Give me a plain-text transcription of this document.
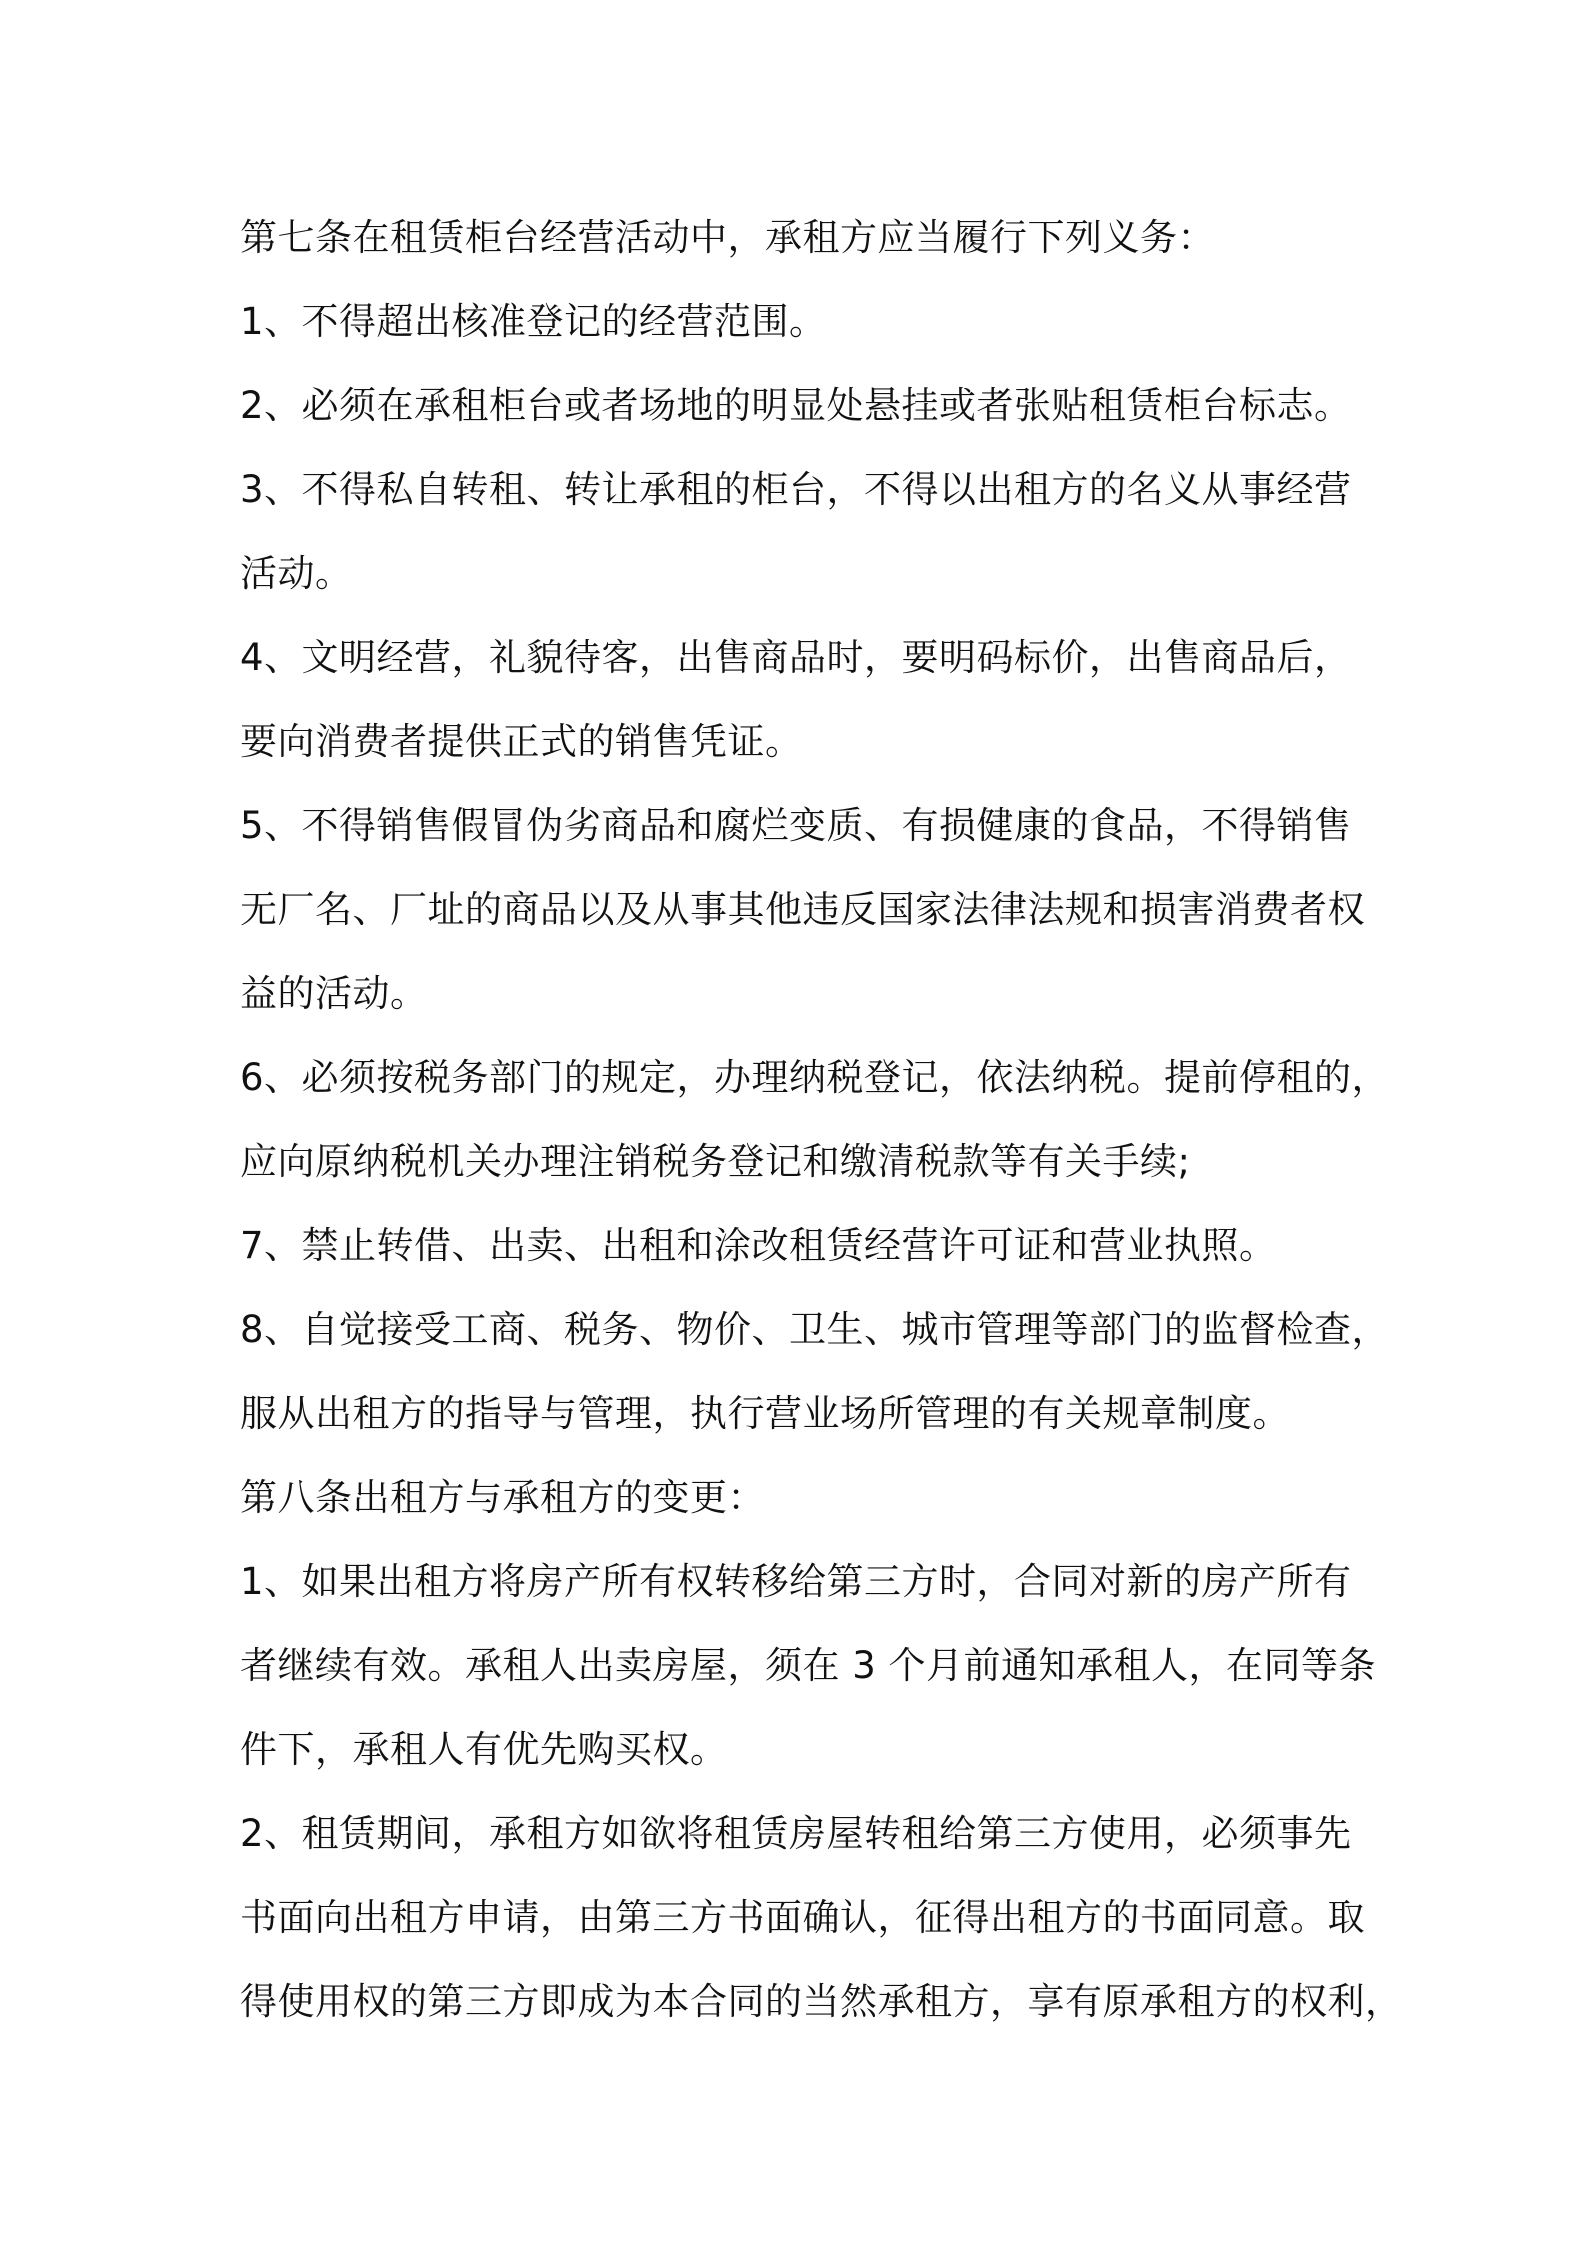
第七条在租赁柜台经营活动中，承租方应当履行下列义务：
1、不得超出核准登记的经营范围。
2、必须在承租柜台或者场地的明显处悬挂或者张贴租赁柜台标志。
3、不得私自转租、转让承租的柜台，不得以出租方的名义从事经营
活动。
4、文明经营，礼貌待客，出售商品时，要明码标价，出售商品后，
要向消费者提供正式的销售凭证。
5、不得销售假冒伪劣商品和腐烂变质、有损健康的食品，不得销售
无厂名、厂址的商品以及从事其他违反国家法律法规和损害消费者权
益的活动。
6、必须按税务部门的规定，办理纳税登记，依法纳税。提前停租的，
应向原纳税机关办理注销税务登记和缴清税款等有关手续;
7、禁止转借、出卖、出租和涂改租赁经营许可证和营业执照。
8、自觉接受工商、税务、物价、卫生、城市管理等部门的监督检查，
服从出租方的指导与管理，执行营业场所管理的有关规章制度。
第八条出租方与承租方的变更：
1、如果出租方将房产所有权转移给第三方时，合同对新的房产所有
者继续有效。承租人出卖房屋，须在 3 个月前通知承租人，在同等条
件下，承租人有优先购买权。
2、租赁期间，承租方如欲将租赁房屋转租给第三方使用，必须事先
书面向出租方申请，由第三方书面确认，征得出租方的书面同意。取
得使用权的第三方即成为本合同的当然承租方，享有原承租方的权利，
